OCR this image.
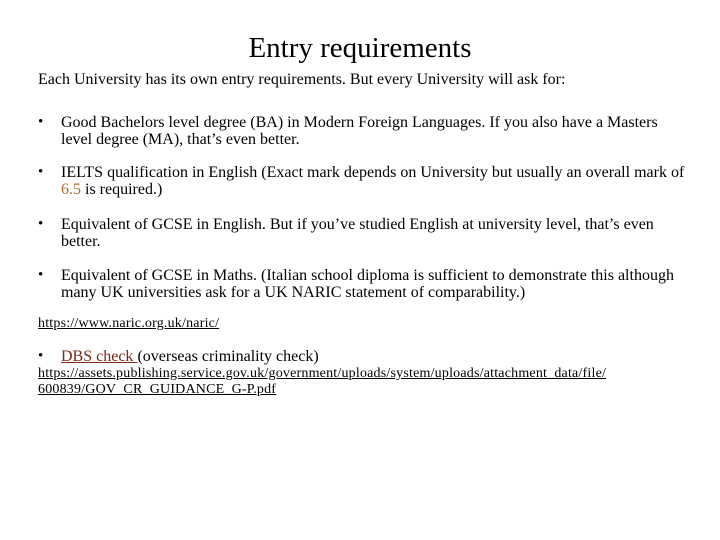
Entry requirements
Each University has its own entry requirements. But every University will ask for:
•	Good Bachelors level degree (BA) in Modern Foreign Languages. If you also have a Masters level degree (MA), that’s even better.
•	IELTS qualification in English (Exact mark depends on University but usually an overall mark of 6.5 is required.)
•	Equivalent of GCSE in English. But if you’ve studied English at university level, that’s even better.
•	Equivalent of GCSE in Maths. (Italian school diploma is sufficient to demonstrate this although many UK universities ask for a UK NARIC statement of comparability.)
https://www.naric.org.uk/naric/
•	DBS check (overseas criminality check)
https://assets.publishing.service.gov.uk/government/uploads/system/uploads/attachment_data/file/
600839/GOV_CR_GUIDANCE_G-P.pdf
